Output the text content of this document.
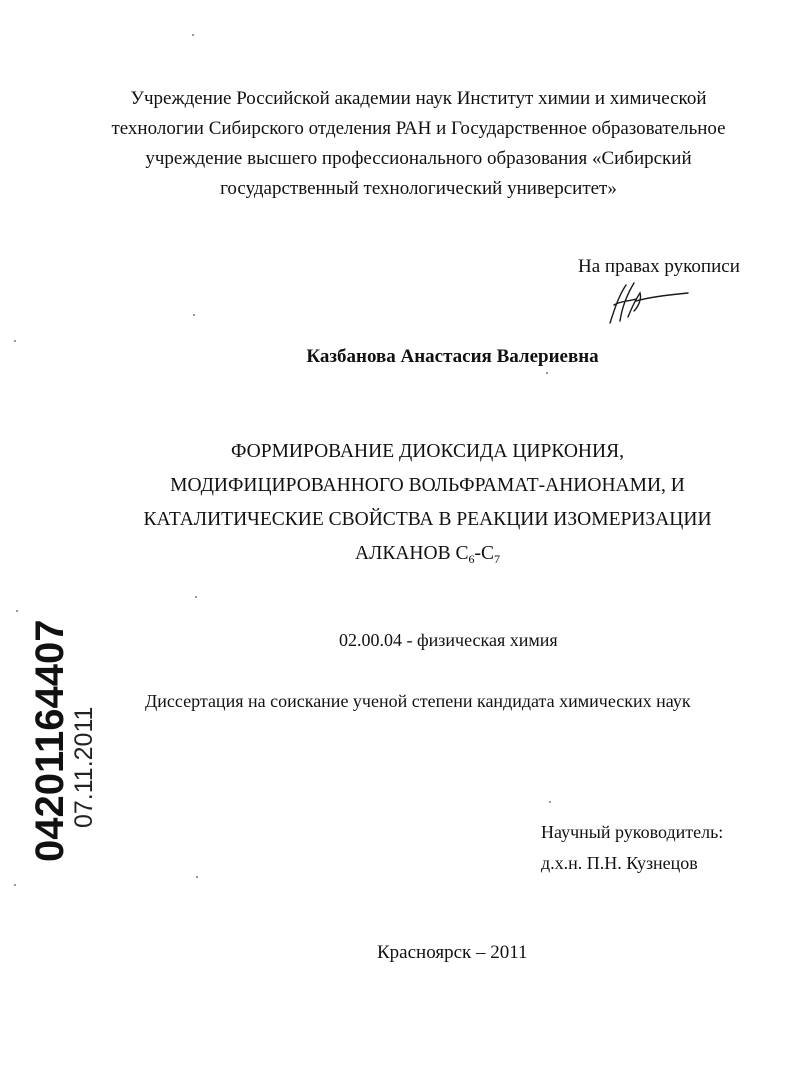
Учреждение Российской академии наук Институт химии и химической
технологии Сибирского отделения РАН и Государственное образовательное
учреждение высшего профессионального образования «Сибирский
государственный технологический университет»
На правах рукописи
Казбанова Анастасия Валериевна
ФОРМИРОВАНИЕ ДИОКСИДА ЦИРКОНИЯ,
МОДИФИЦИРОВАННОГО ВОЛЬФРАМАТ-АНИОНАМИ, И
КАТАЛИТИЧЕСКИЕ СВОЙСТВА В РЕАКЦИИ ИЗОМЕРИЗАЦИИ
АЛКАНОВ $С_6-С_7$
02.00.04 - физическая химия
Диссертация на соискание ученой степени кандидата химических наук
Научный руководитель:
д.х.н. П.Н. Кузнецов
Красноярск – 2011
04201164407
07.11.2011
